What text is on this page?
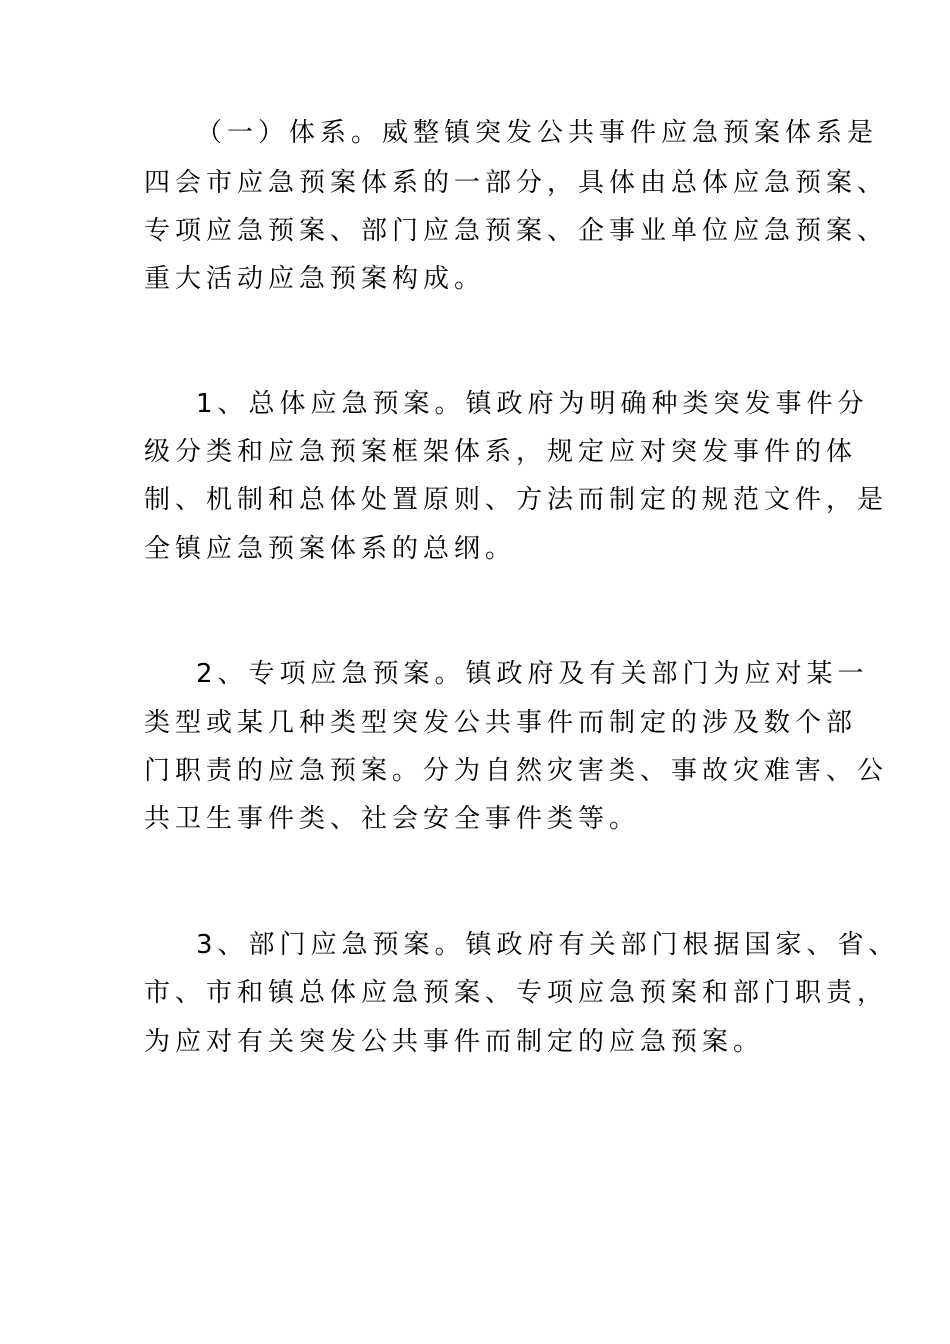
（一）体系。威整镇突发公共事件应急预案体系是

四会市应急预案体系的一部分，具体由总体应急预案、

专项应急预案、部门应急预案、企事业单位应急预案、

重大活动应急预案构成。

1、总体应急预案。镇政府为明确种类突发事件分

级分类和应急预案框架体系，规定应对突发事件的体

制、机制和总体处置原则、方法而制定的规范文件，是

全镇应急预案体系的总纲。

2、专项应急预案。镇政府及有关部门为应对某一

类型或某几种类型突发公共事件而制定的涉及数个部

门职责的应急预案。分为自然灾害类、事故灾难害、公

共卫生事件类、社会安全事件类等。

3、部门应急预案。镇政府有关部门根据国家、省、

市、市和镇总体应急预案、专项应急预案和部门职责，

为应对有关突发公共事件而制定的应急预案。
